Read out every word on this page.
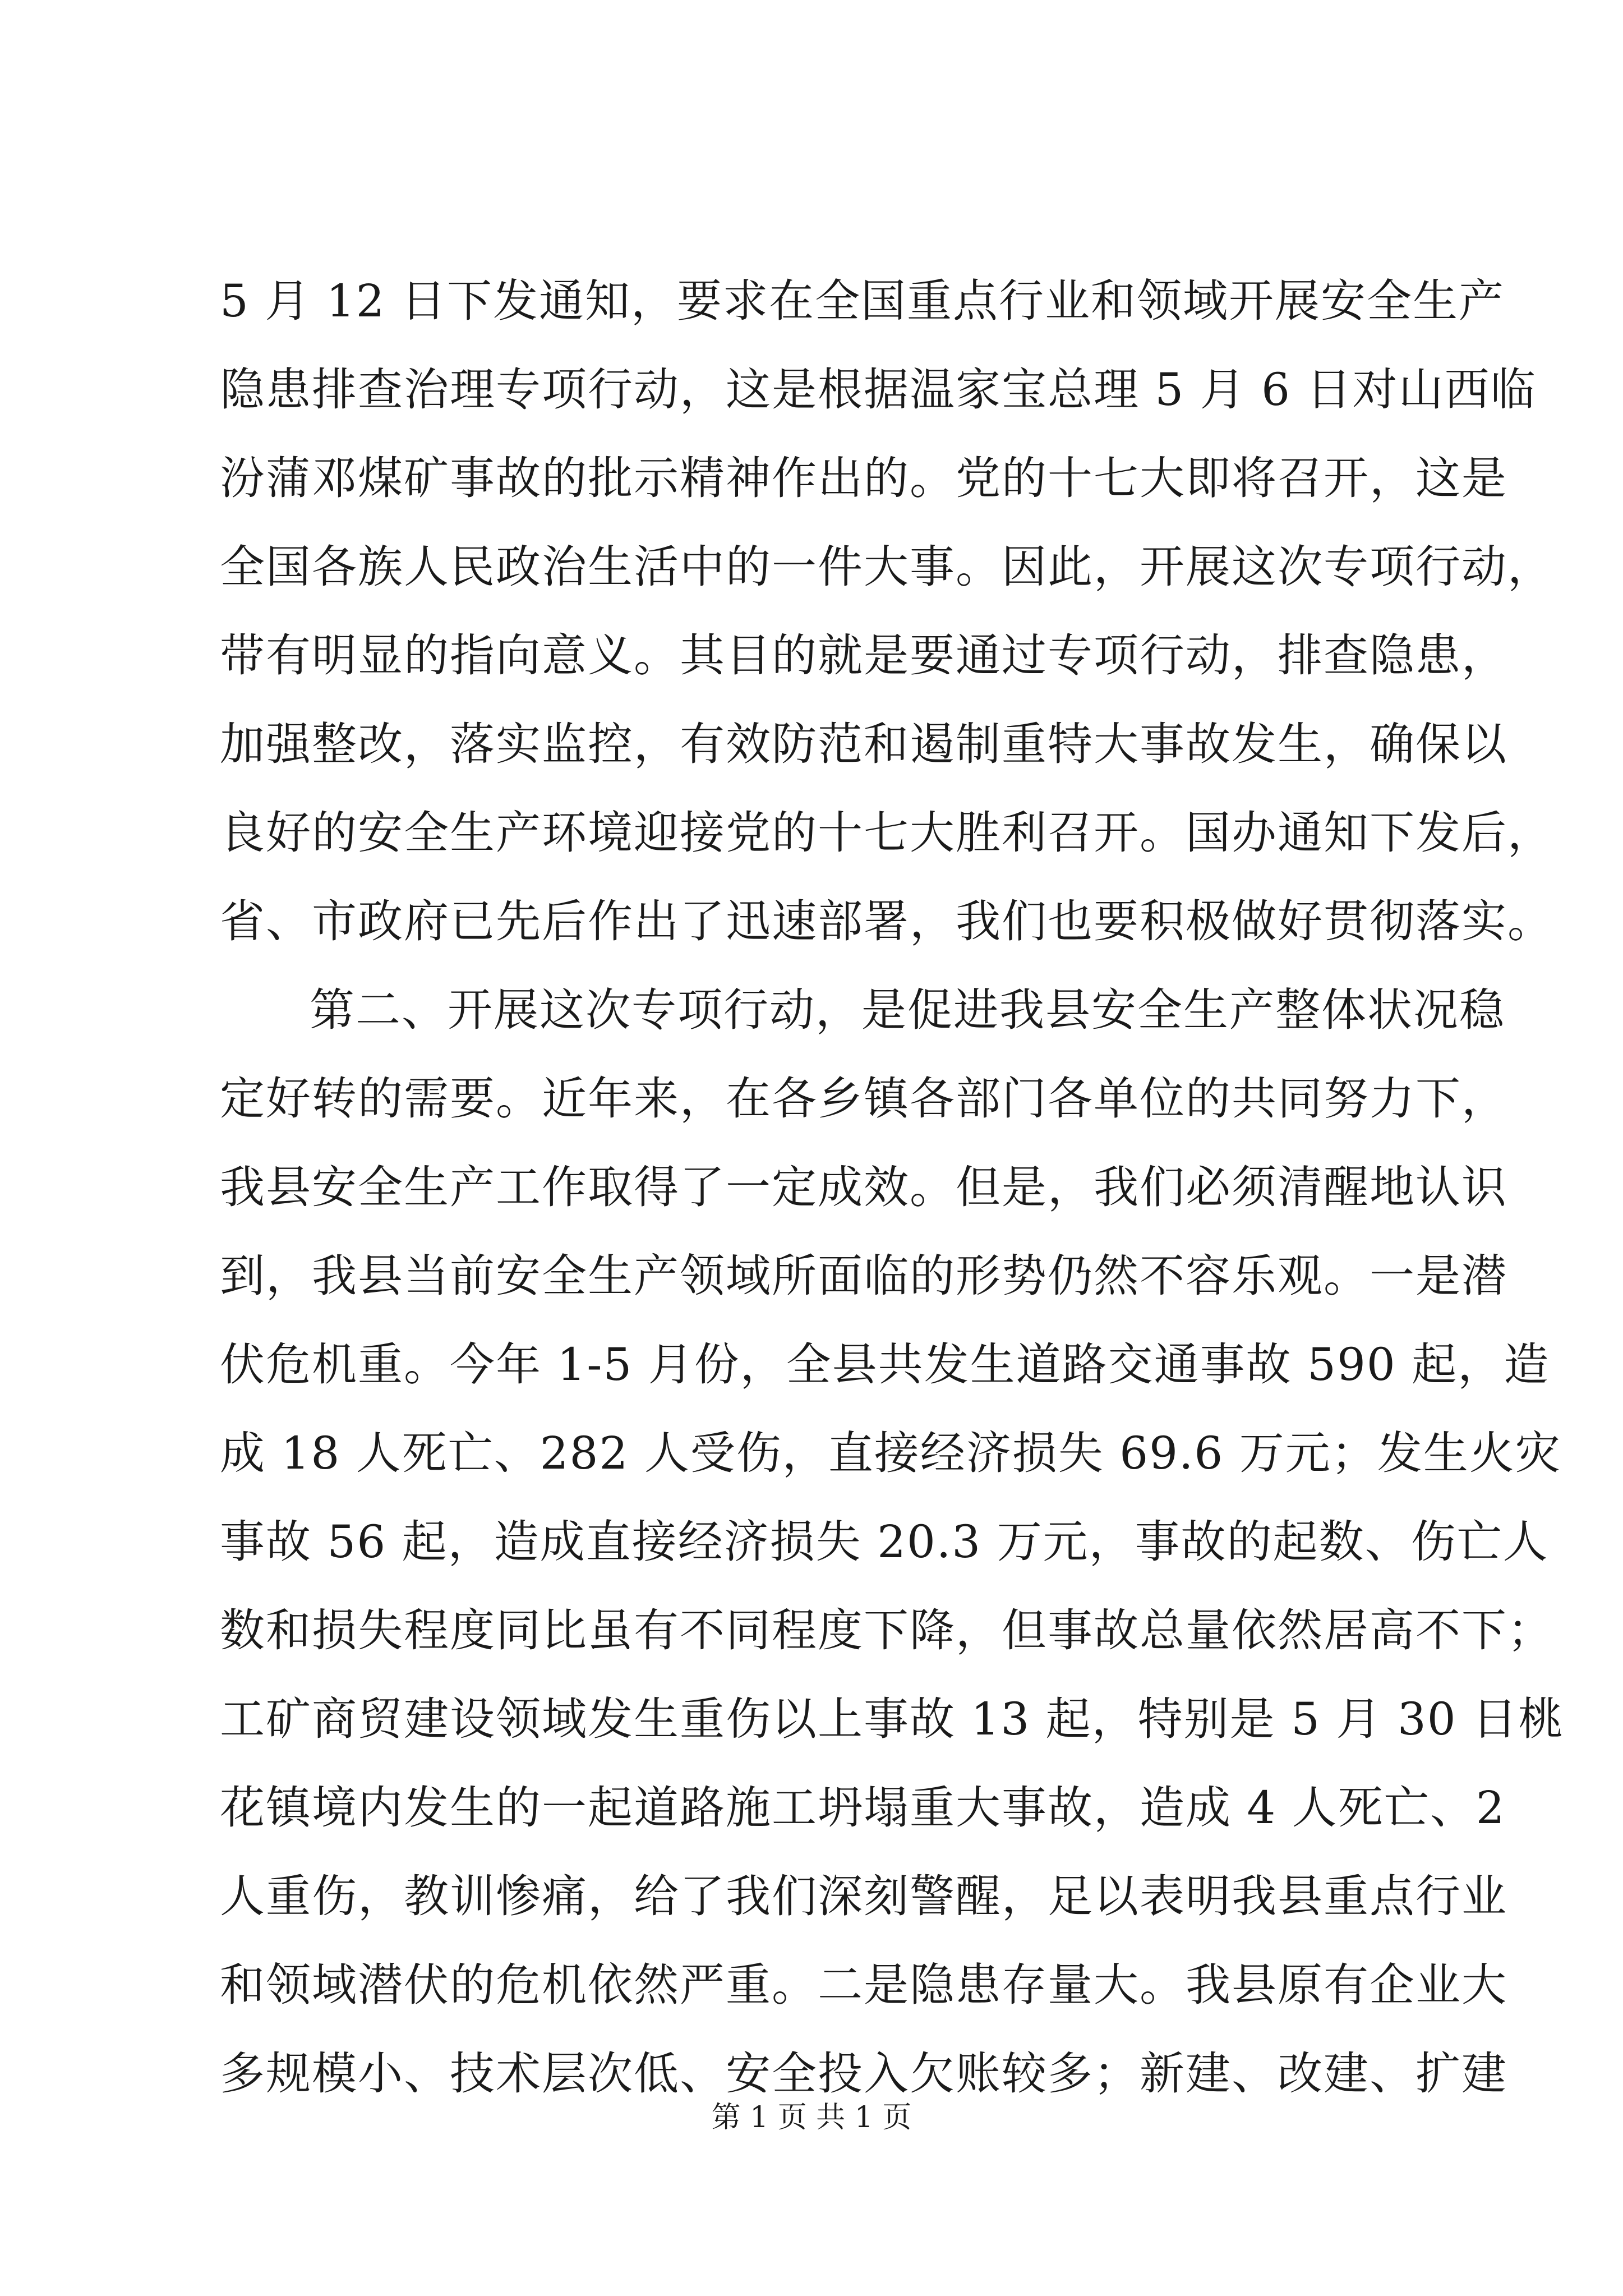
5 月 12 日下发通知，要求在全国重点行业和领域开展安全生产
隐患排查治理专项行动，这是根据温家宝总理 5 月 6 日对山西临
汾蒲邓煤矿事故的批示精神作出的。党的十七大即将召开，这是
全国各族人民政治生活中的一件大事。因此，开展这次专项行动，
带有明显的指向意义。其目的就是要通过专项行动，排查隐患，
加强整改，落实监控，有效防范和遏制重特大事故发生，确保以
良好的安全生产环境迎接党的十七大胜利召开。国办通知下发后，
省、市政府已先后作出了迅速部署，我们也要积极做好贯彻落实。
第二、开展这次专项行动，是促进我县安全生产整体状况稳
定好转的需要。近年来，在各乡镇各部门各单位的共同努力下，
我县安全生产工作取得了一定成效。但是，我们必须清醒地认识
到，我县当前安全生产领域所面临的形势仍然不容乐观。一是潜
伏危机重。今年 1-5 月份，全县共发生道路交通事故 590 起，造
成 18 人死亡、282 人受伤，直接经济损失 69.6 万元；发生火灾
事故 56 起，造成直接经济损失 20.3 万元，事故的起数、伤亡人
数和损失程度同比虽有不同程度下降，但事故总量依然居高不下；
工矿商贸建设领域发生重伤以上事故 13 起，特别是 5 月 30 日桃
花镇境内发生的一起道路施工坍塌重大事故，造成 4 人死亡、2
人重伤，教训惨痛，给了我们深刻警醒，足以表明我县重点行业
和领域潜伏的危机依然严重。二是隐患存量大。我县原有企业大
多规模小、技术层次低、安全投入欠账较多；新建、改建、扩建
第 1 页 共 1 页
